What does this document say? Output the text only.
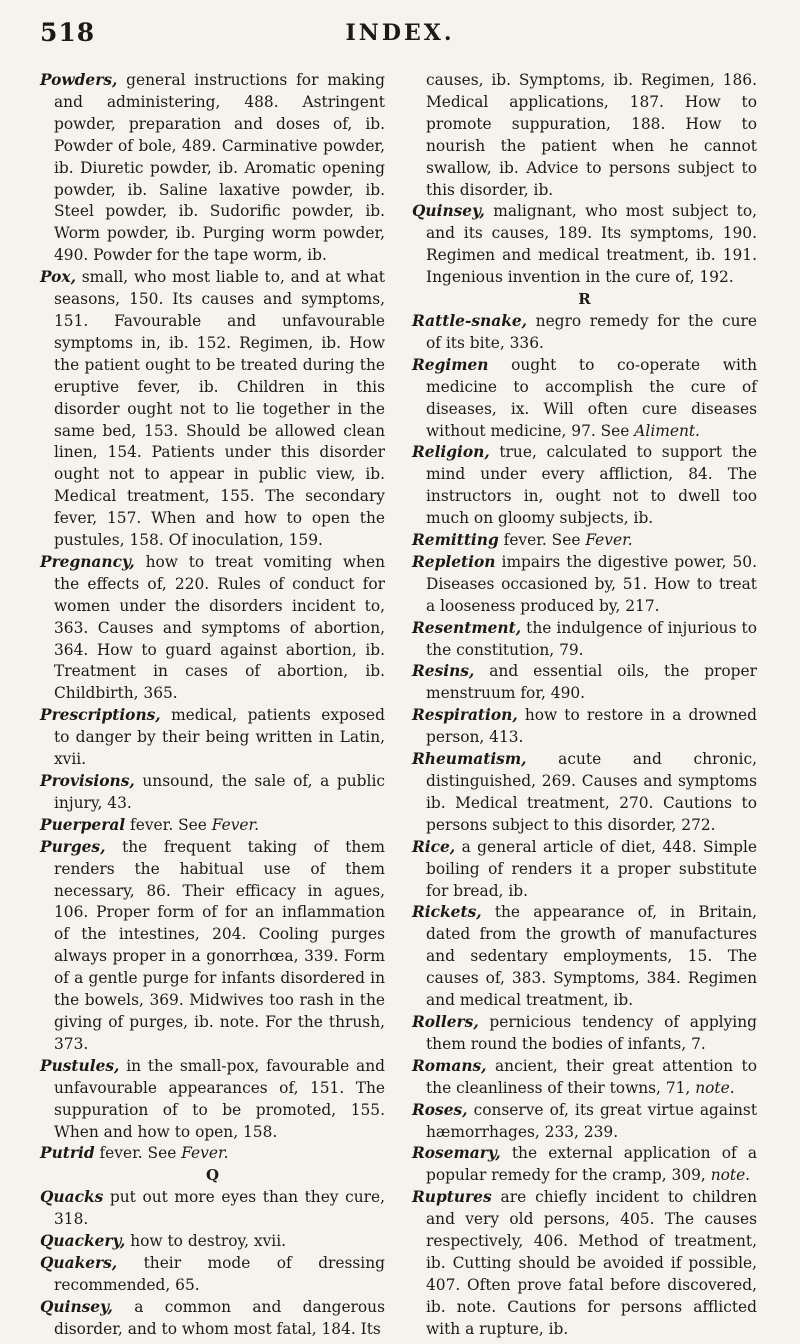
518	INDEX.

Powders, general instructions for making and administering, 488. Astringent powder, preparation and doses of, ib. Powder of bole, 489. Carminative powder, ib. Diuretic powder, ib. Aromatic opening powder, ib. Saline laxative powder, ib. Steel powder, ib. Sudorific powder, ib. Worm powder, ib. Purging worm powder, 490. Powder for the tape worm, ib.

Pox, small, who most liable to, and at what seasons, 150. Its causes and symptoms, 151. Favourable and unfavourable symptoms in, ib. 152. Regimen, ib. How the patient ought to be treated during the eruptive fever, ib. Children in this disorder ought not to lie together in the same bed, 153. Should be allowed clean linen, 154. Patients under this disorder ought not to appear in public view, ib. Medical treatment, 155. The secondary fever, 157. When and how to open the pustules, 158. Of inoculation, 159.

Pregnancy, how to treat vomiting when the effects of, 220. Rules of conduct for women under the disorders incident to, 363. Causes and symptoms of abortion, 364. How to guard against abortion, ib. Treatment in cases of abortion, ib. Childbirth, 365.

Prescriptions, medical, patients exposed to danger by their being written in Latin, xvii.

Provisions, unsound, the sale of, a public injury, 43.

Puerperal fever. See Fever.

Purges, the frequent taking of them renders the habitual use of them necessary, 86. Their efficacy in agues, 106. Proper form of for an inflammation of the intestines, 204. Cooling purges always proper in a gonorrhœa, 339. Form of a gentle purge for infants disordered in the bowels, 369. Midwives too rash in the giving of purges, ib. note. For the thrush, 373.

Pustules, in the small-pox, favourable and unfavourable appearances of, 151. The suppuration of to be promoted, 155. When and how to open, 158.

Putrid fever. See Fever.

Q

Quacks put out more eyes than they cure, 318.

Quackery, how to destroy, xvii.

Quakers, their mode of dressing recommended, 65.

Quinsey, a common and dangerous disorder, and to whom most fatal, 184. Its

causes, ib. Symptoms, ib. Regimen, 186. Medical applications, 187. How to promote suppuration, 188. How to nourish the patient when he cannot swallow, ib. Advice to persons subject to this disorder, ib.

Quinsey, malignant, who most subject to, and its causes, 189. Its symptoms, 190. Regimen and medical treatment, ib. 191. Ingenious invention in the cure of, 192.

R

Rattle-snake, negro remedy for the cure of its bite, 336.

Regimen ought to co-operate with medicine to accomplish the cure of diseases, ix. Will often cure diseases without medicine, 97. See Aliment.

Religion, true, calculated to support the mind under every affliction, 84. The instructors in, ought not to dwell too much on gloomy subjects, ib.

Remitting fever. See Fever.

Repletion impairs the digestive power, 50. Diseases occasioned by, 51. How to treat a looseness produced by, 217.

Resentment, the indulgence of injurious to the constitution, 79.

Resins, and essential oils, the proper menstruum for, 490.

Respiration, how to restore in a drowned person, 413.

Rheumatism, acute and chronic, distinguished, 269. Causes and symptoms ib. Medical treatment, 270. Cautions to persons subject to this disorder, 272.

Rice, a general article of diet, 448. Simple boiling of renders it a proper substitute for bread, ib.

Rickets, the appearance of, in Britain, dated from the growth of manufactures and sedentary employments, 15. The causes of, 383. Symptoms, 384. Regimen and medical treatment, ib.

Rollers, pernicious tendency of applying them round the bodies of infants, 7.

Romans, ancient, their great attention to the cleanliness of their towns, 71, note.

Roses, conserve of, its great virtue against hæmorrhages, 233, 239.

Rosemary, the external application of a popular remedy for the cramp, 309, note.

Ruptures are chiefly incident to children and very old persons, 405. The causes respectively, 406. Method of treatment, ib. Cutting should be avoided if possible, 407. Often prove fatal before discovered, ib. note. Cautions for persons afflicted with a rupture, ib.
